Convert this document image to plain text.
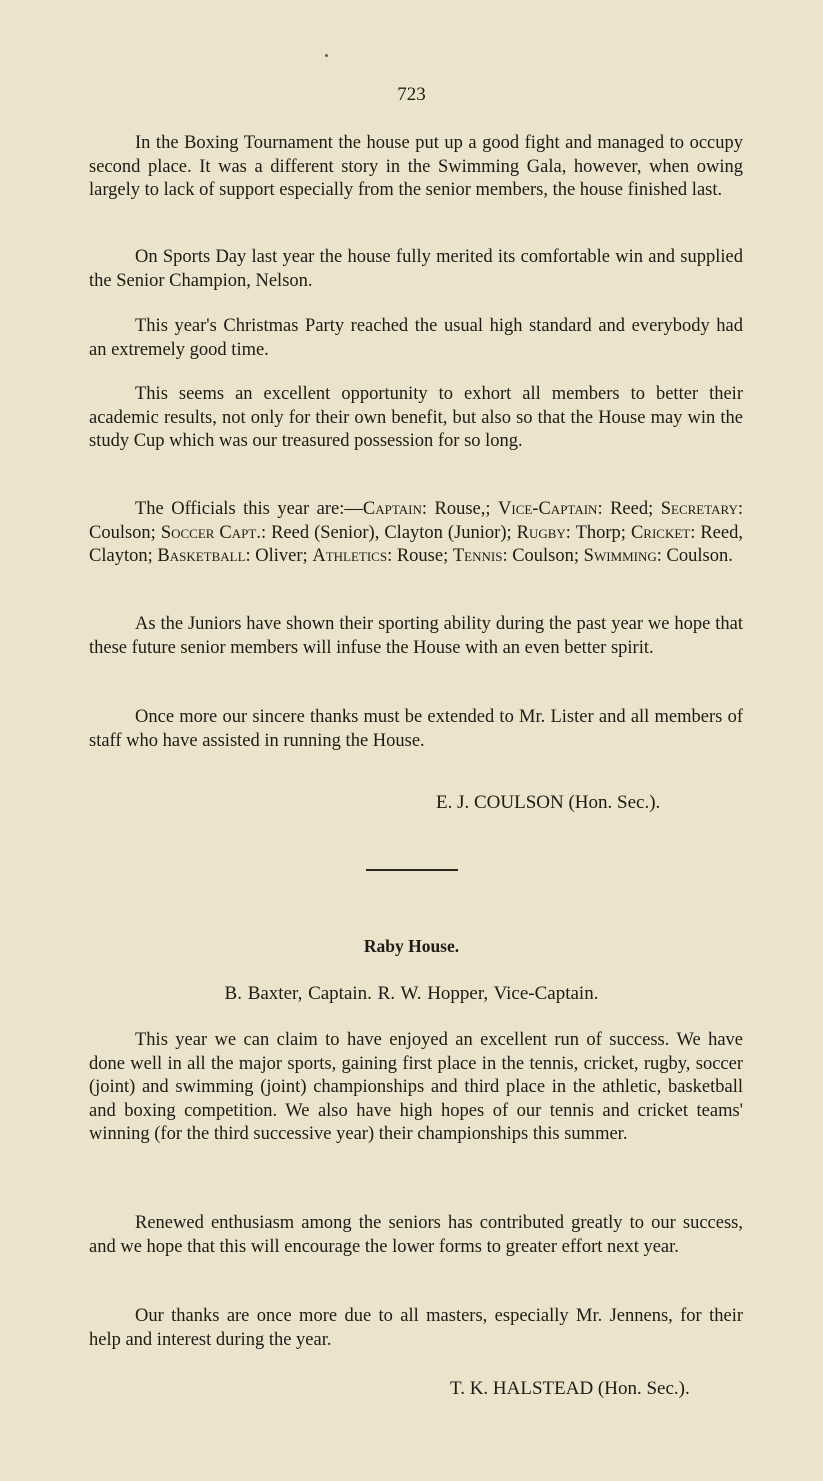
723

In the Boxing Tournament the house put up a good fight and managed to occupy second place. It was a different story in the Swimming Gala, however, when owing largely to lack of support especially from the senior members, the house finished last.

On Sports Day last year the house fully merited its comfortable win and supplied the Senior Champion, Nelson.

This year's Christmas Party reached the usual high standard and everybody had an extremely good time.

This seems an excellent opportunity to exhort all members to better their academic results, not only for their own benefit, but also so that the House may win the study Cup which was our treasured possession for so long.

The Officials this year are:—Captain: Rouse,; Vice-Captain: Reed; Secretary: Coulson; Soccer Capt.: Reed (Senior), Clayton (Junior); Rugby: Thorp; Cricket: Reed, Clayton; Basketball: Oliver; Athletics: Rouse; Tennis: Coulson; Swimming: Coulson.

As the Juniors have shown their sporting ability during the past year we hope that these future senior members will infuse the House with an even better spirit.

Once more our sincere thanks must be extended to Mr. Lister and all members of staff who have assisted in running the House.

E. J. COULSON (Hon. Sec.).
Raby House.
B. Baxter, Captain. R. W. Hopper, Vice-Captain.

This year we can claim to have enjoyed an excellent run of success. We have done well in all the major sports, gaining first place in the tennis, cricket, rugby, soccer (joint) and swimming (joint) championships and third place in the athletic, basketball and boxing competition. We also have high hopes of our tennis and cricket teams' winning (for the third successive year) their championships this summer.

Renewed enthusiasm among the seniors has contributed greatly to our success, and we hope that this will encourage the lower forms to greater effort next year.

Our thanks are once more due to all masters, especially Mr. Jennens, for their help and interest during the year.

T. K. HALSTEAD (Hon. Sec.).
